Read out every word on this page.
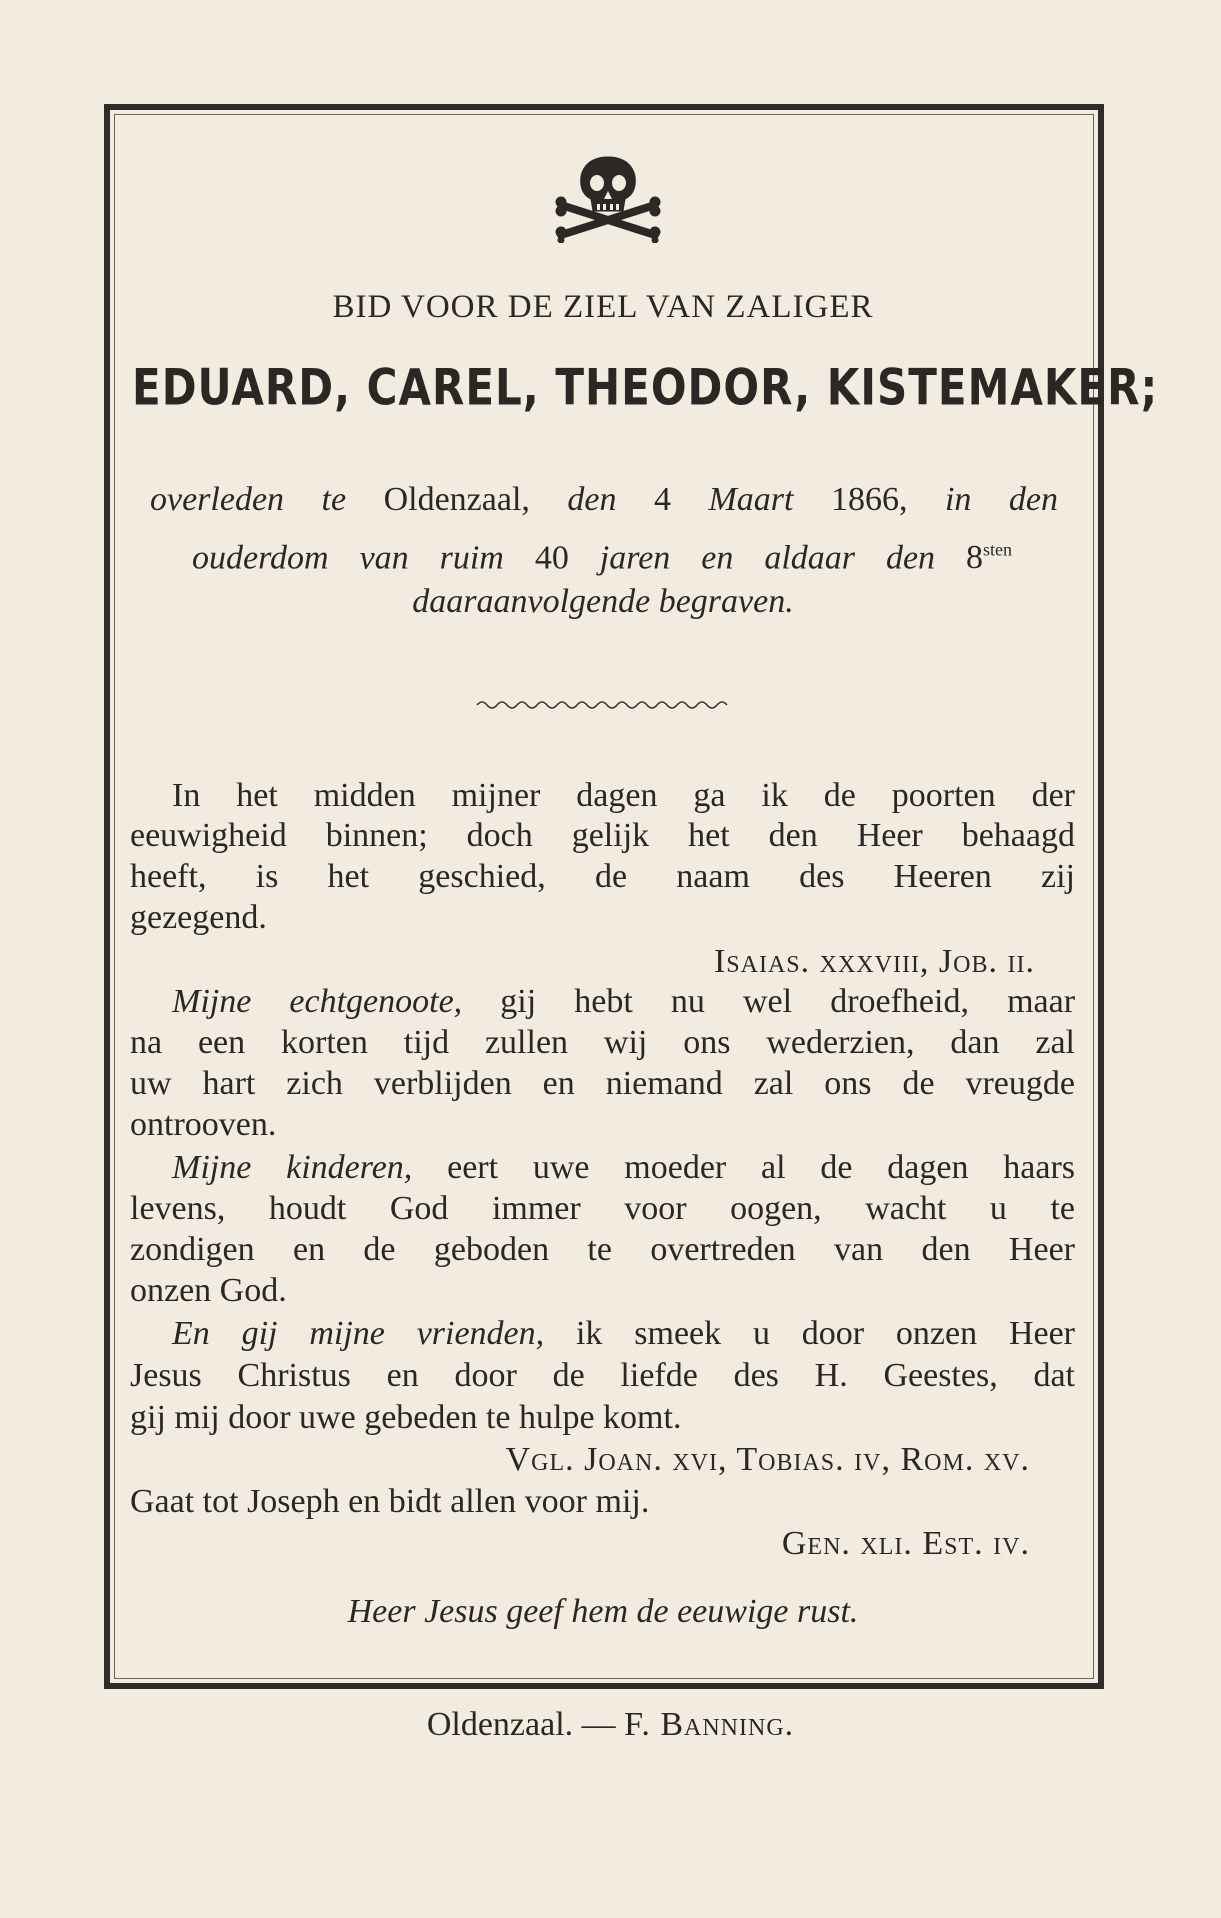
BID VOOR DE ZIEL VAN ZALIGER
EDUARD, CAREL, THEODOR, KISTEMAKER;
overleden te Oldenzaal, den 4 Maart 1866, in den
ouderdom van ruim 40 jaren en aldaar den $8^{sten}$
daaraanvolgende begraven.
In het midden mijner dagen ga ik de poorten der
eeuwigheid binnen; doch gelijk het den Heer behaagd
heeft, is het geschied, de naam des Heeren zij
gezegend.
Isaias. xxxviii, Job. ii.
Mijne echtgenoote, gij hebt nu wel droefheid, maar
na een korten tijd zullen wij ons wederzien, dan zal
uw hart zich verblijden en niemand zal ons de vreugde
ontrooven.
Mijne kinderen, eert uwe moeder al de dagen haars
levens, houdt God immer voor oogen, wacht u te
zondigen en de geboden te overtreden van den Heer
onzen God.
En gij mijne vrienden, ik smeek u door onzen Heer
Jesus Christus en door de liefde des H. Geestes, dat
gij mij door uwe gebeden te hulpe komt.
Vgl. Joan. xvi, Tobias. iv, Rom. xv.
Gaat tot Joseph en bidt allen voor mij.
Gen. xli. Est. iv.
Heer Jesus geef hem de eeuwige rust.
Oldenzaal. — F. Banning.
